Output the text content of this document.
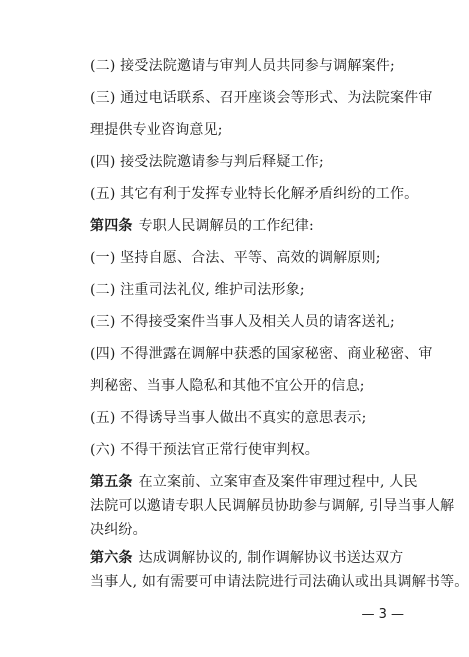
(二) 接受法院邀请与审判人员共同参与调解案件;
(三) 通过电话联系、召开座谈会等形式、为法院案件审
理提供专业咨询意见;
(四) 接受法院邀请参与判后释疑工作;
(五) 其它有利于发挥专业特长化解矛盾纠纷的工作。
第四条 专职人民调解员的工作纪律:
(一) 坚持自愿、合法、平等、高效的调解原则;
(二) 注重司法礼仪, 维护司法形象;
(三) 不得接受案件当事人及相关人员的请客送礼;
(四) 不得泄露在调解中获悉的国家秘密、商业秘密、审
判秘密、当事人隐私和其他不宜公开的信息;
(五) 不得诱导当事人做出不真实的意思表示;
(六) 不得干预法官正常行使审判权。
第五条 在立案前、立案审查及案件审理过程中, 人民
法院可以邀请专职人民调解员协助参与调解, 引导当事人解
决纠纷。
第六条 达成调解协议的, 制作调解协议书送达双方
当事人, 如有需要可申请法院进行司法确认或出具调解书等。
— 3 —
